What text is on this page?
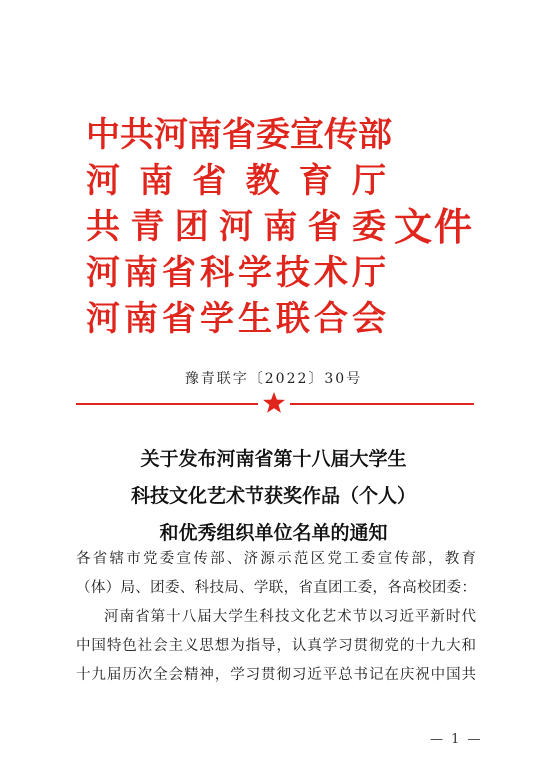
中共河南省委宣传部
河南省教育厅
共青团河南省委
河南省科学技术厅
河南省学生联合会
文件
豫青联字〔2022〕30号
关于发布河南省第十八届大学生
科技文化艺术节获奖作品（个人）
和优秀组织单位名单的通知
各省辖市党委宣传部、济源示范区党工委宣传部，教育
（体）局、团委、科技局、学联，省直团工委，各高校团委：
河南省第十八届大学生科技文化艺术节以习近平新时代
中国特色社会主义思想为指导，认真学习贯彻党的十九大和
十九届历次全会精神，学习贯彻习近平总书记在庆祝中国共
— 1 —
